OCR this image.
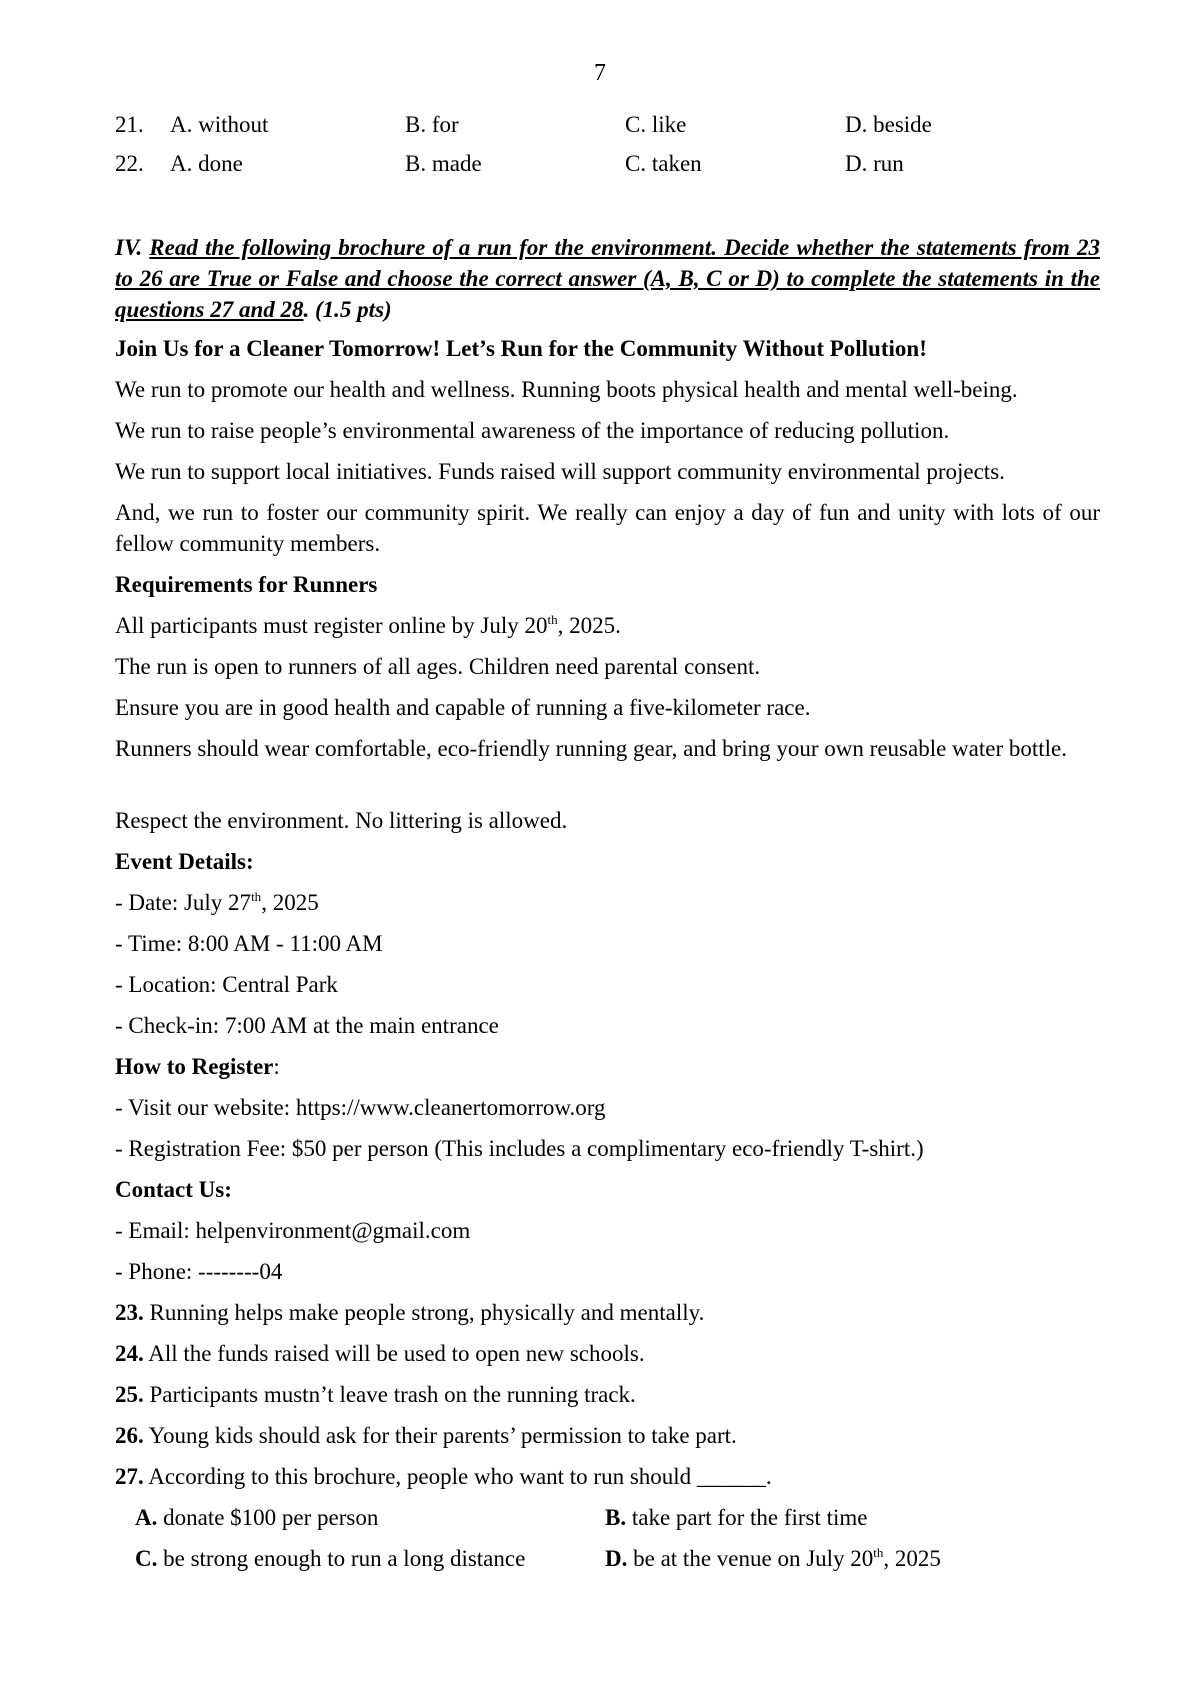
7
21. A. without	B. for	C. like	D. beside
22. A. done	B. made	C. taken	D. run
IV. Read the following brochure of a run for the environment. Decide whether the statements from 23 to 26 are True or False and choose the correct answer (A, B, C or D) to complete the statements in the questions 27 and 28. (1.5 pts)
Join Us for a Cleaner Tomorrow! Let’s Run for the Community Without Pollution!
We run to promote our health and wellness. Running boots physical health and mental well-being.
We run to raise people’s environmental awareness of the importance of reducing pollution.
We run to support local initiatives. Funds raised will support community environmental projects.
And, we run to foster our community spirit. We really can enjoy a day of fun and unity with lots of our fellow community members.
Requirements for Runners
All participants must register online by July 20th, 2025.
The run is open to runners of all ages. Children need parental consent.
Ensure you are in good health and capable of running a five-kilometer race.
Runners should wear comfortable, eco-friendly running gear, and bring your own reusable water bottle.
Respect the environment. No littering is allowed.
Event Details:
- Date: July 27th, 2025
- Time: 8:00 AM - 11:00 AM
- Location: Central Park
- Check-in: 7:00 AM at the main entrance
How to Register:
- Visit our website: https://www.cleanertomorrow.org
- Registration Fee: $50 per person (This includes a complimentary eco-friendly T-shirt.)
Contact Us:
- Email: helpenvironment@gmail.com
- Phone: --------04
23. Running helps make people strong, physically and mentally.
24. All the funds raised will be used to open new schools.
25. Participants mustn’t leave trash on the running track.
26. Young kids should ask for their parents’ permission to take part.
27. According to this brochure, people who want to run should ______.
A. donate $100 per person	B. take part for the first time
C. be strong enough to run a long distance	D. be at the venue on July 20th, 2025
